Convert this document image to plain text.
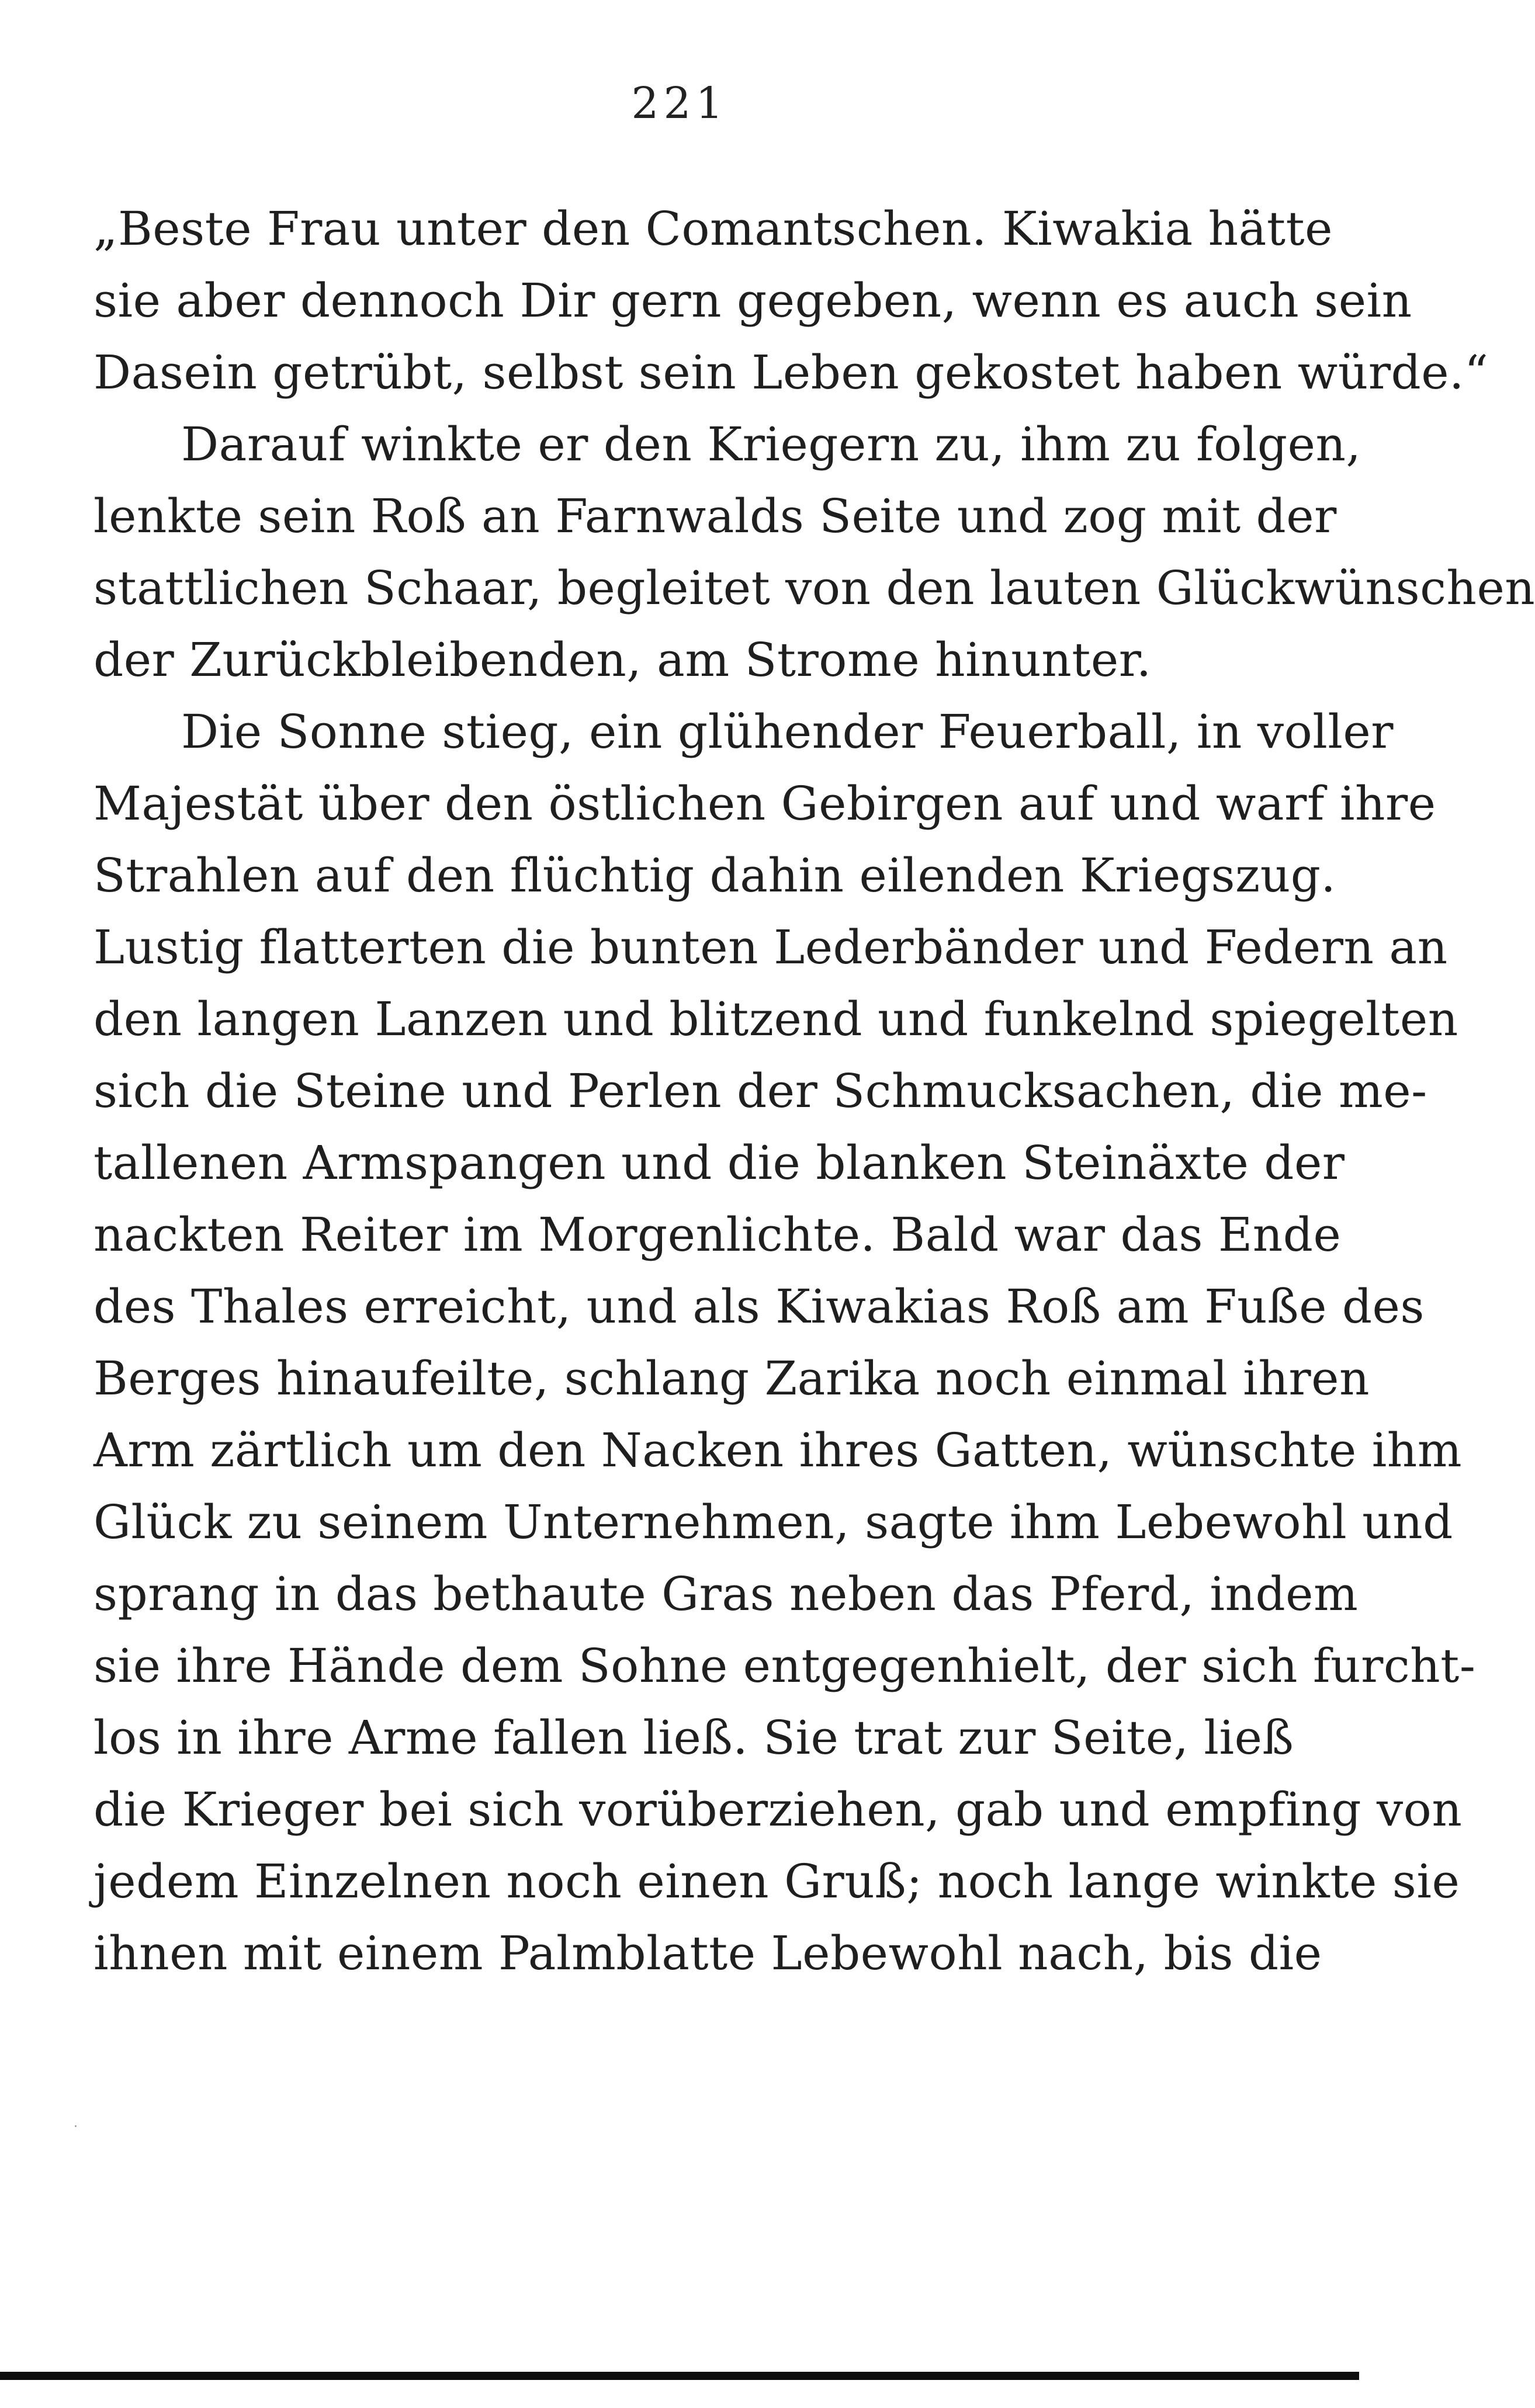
221
„Beste Frau unter den Comantschen. Kiwakia hätte
sie aber dennoch Dir gern gegeben, wenn es auch sein
Dasein getrübt, selbst sein Leben gekostet haben würde.“
Darauf winkte er den Kriegern zu, ihm zu folgen,
lenkte sein Roß an Farnwalds Seite und zog mit der
stattlichen Schaar, begleitet von den lauten Glückwünschen
der Zurückbleibenden, am Strome hinunter.
Die Sonne stieg, ein glühender Feuerball, in voller
Majestät über den östlichen Gebirgen auf und warf ihre
Strahlen auf den flüchtig dahin eilenden Kriegszug.
Lustig flatterten die bunten Lederbänder und Federn an
den langen Lanzen und blitzend und funkelnd spiegelten
sich die Steine und Perlen der Schmucksachen, die me-
tallenen Armspangen und die blanken Steinäxte der
nackten Reiter im Morgenlichte. Bald war das Ende
des Thales erreicht, und als Kiwakias Roß am Fuße des
Berges hinaufeilte, schlang Zarika noch einmal ihren
Arm zärtlich um den Nacken ihres Gatten, wünschte ihm
Glück zu seinem Unternehmen, sagte ihm Lebewohl und
sprang in das bethaute Gras neben das Pferd, indem
sie ihre Hände dem Sohne entgegenhielt, der sich furcht-
los in ihre Arme fallen ließ. Sie trat zur Seite, ließ
die Krieger bei sich vorüberziehen, gab und empfing von
jedem Einzelnen noch einen Gruß; noch lange winkte sie
ihnen mit einem Palmblatte Lebewohl nach, bis die
